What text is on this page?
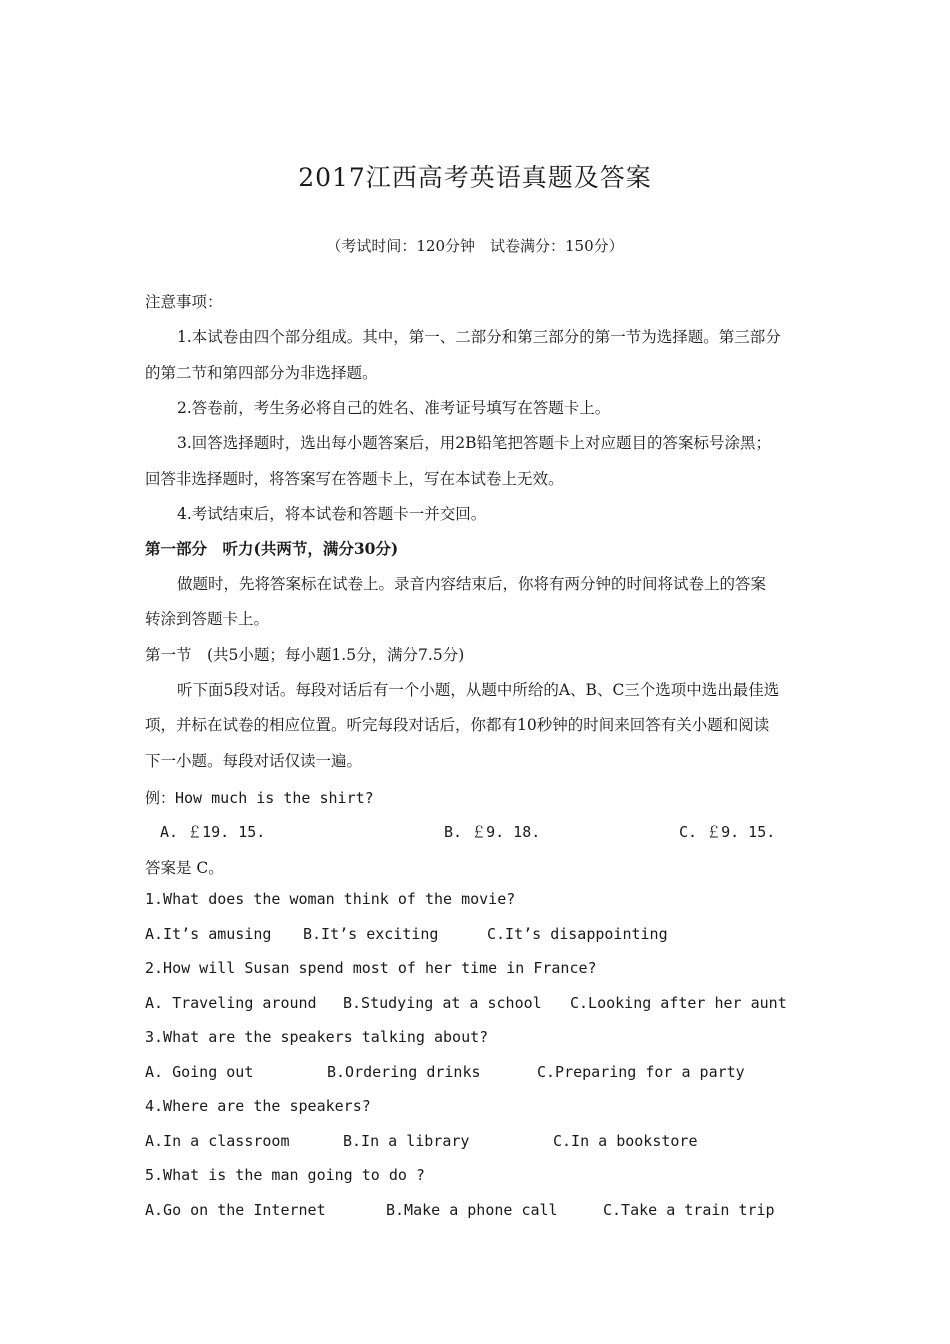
2017江西高考英语真题及答案
（考试时间：120分钟　试卷满分：150分）
注意事项：
1.本试卷由四个部分组成。其中，第一、二部分和第三部分的第一节为选择题。第三部分
的第二节和第四部分为非选择题。
2.答卷前，考生务必将自己的姓名、准考证号填写在答题卡上。
3.回答选择题时，选出每小题答案后，用2B铅笔把答题卡上对应题目的答案标号涂黑；
回答非选择题时，将答案写在答题卡上，写在本试卷上无效。
4.考试结束后，将本试卷和答题卡一并交回。
第一部分　听力(共两节，满分30分)
做题时，先将答案标在试卷上。录音内容结束后，你将有两分钟的时间将试卷上的答案
转涂到答题卡上。
第一节　(共5小题；每小题1.5分，满分7.5分)
听下面5段对话。每段对话后有一个小题，从题中所给的A、B、C三个选项中选出最佳选
项，并标在试卷的相应位置。听完每段对话后，你都有10秒钟的时间来回答有关小题和阅读
下一小题。每段对话仅读一遍。
例：How much is the shirt?
A. ￡19. 15.	B. ￡9. 18.	C. ￡9. 15.
答案是 C。
1.What does the woman think of the movie?
A.It’s amusing B.It’s exciting	C.It’s disappointing
2.How will Susan spend most of her time in France?
A. Traveling around B.Studying at a school C.Looking after her aunt
3.What are the speakers talking about?
A. Going out	B.Ordering drinks	C.Preparing for a party
4.Where are the speakers?
A.In a classroom	B.In a library	C.In a bookstore
5.What is the man going to do ?
A.Go on the Internet	B.Make a phone call	C.Take a train trip
